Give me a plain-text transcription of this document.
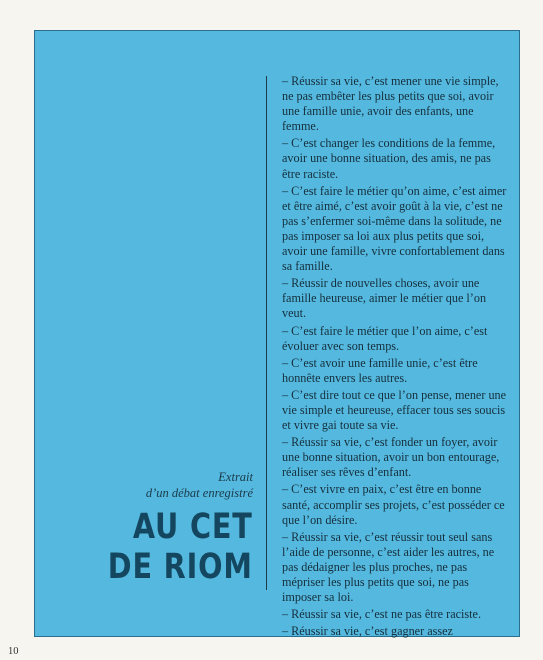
Extrait
d’un débat enregistré
AU CET
DE RIOM

– Réussir sa vie, c’est mener une vie simple, ne pas embêter les plus petits que soi, avoir une famille unie, avoir des enfants, une femme.

– C’est changer les conditions de la femme, avoir une bonne situation, des amis, ne pas être raciste.

– C’est faire le métier qu’on aime, c’est aimer et être aimé, c’est avoir goût à la vie, c’est ne pas s’enfermer soi-même dans la solitude, ne pas imposer sa loi aux plus petits que soi, avoir une famille, vivre confortablement dans sa famille.

– Réussir de nouvelles choses, avoir une famille heureuse, aimer le métier que l’on veut.

– C’est faire le métier que l’on aime, c’est évoluer avec son temps.

– C’est avoir une famille unie, c’est être honnête envers les autres.

– C’est dire tout ce que l’on pense, mener une vie simple et heureuse, effacer tous ses soucis et vivre gai toute sa vie.

– Réussir sa vie, c’est fonder un foyer, avoir une bonne situation, avoir un bon entourage, réaliser ses rêves d’enfant.

– C’est vivre en paix, c’est être en bonne santé, accomplir ses projets, c’est posséder ce que l’on désire.

– Réussir sa vie, c’est réussir tout seul sans l’aide de personne, c’est aider les autres, ne pas dédaigner les plus proches, ne pas mépriser les plus petits que soi, ne pas imposer sa loi.

– Réussir sa vie, c’est ne pas être raciste.

– Réussir sa vie, c’est gagner assez

10
